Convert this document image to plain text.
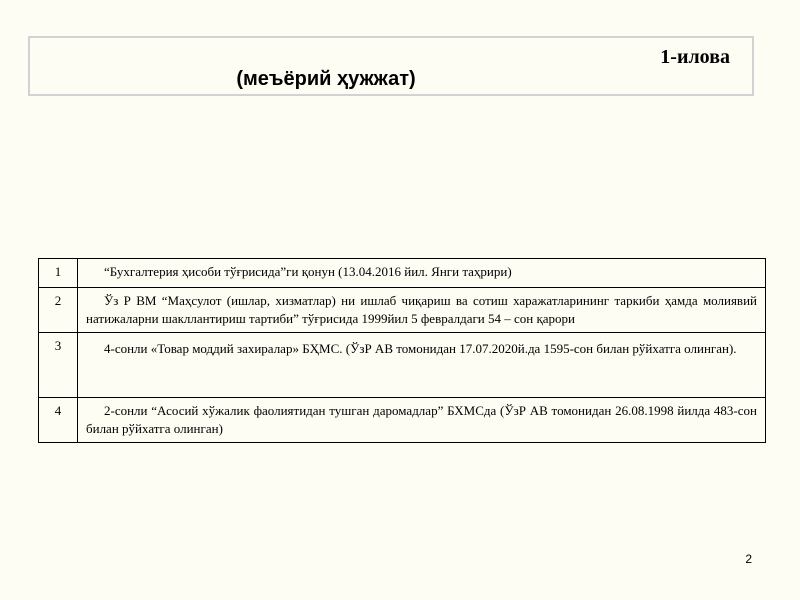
1-илова
(меъёрий ҳужжат)
1	“Бухгалтерия ҳисоби тўғрисида”ги қонун (13.04.2016 йил. Янги таҳрири)
2	Ўз Р ВМ “Маҳсулот (ишлар, хизматлар) ни ишлаб чиқариш ва сотиш харажатларининг таркиби ҳамда молиявий натижаларни шакллантириш тартиби” тўғрисида 1999йил 5 февралдаги 54 – сон қарори
3	4-сонли «Товар моддий захиралар» БҲМС. (ЎзР АВ томонидан 17.07.2020й.да 1595-сон билан рўйхатга олинган).
4	2-сонли “Асосий хўжалик фаолиятидан тушган даромадлар” БХМСда (ЎзР АВ томонидан 26.08.1998 йилда 483-сон билан рўйхатга олинган)
2
